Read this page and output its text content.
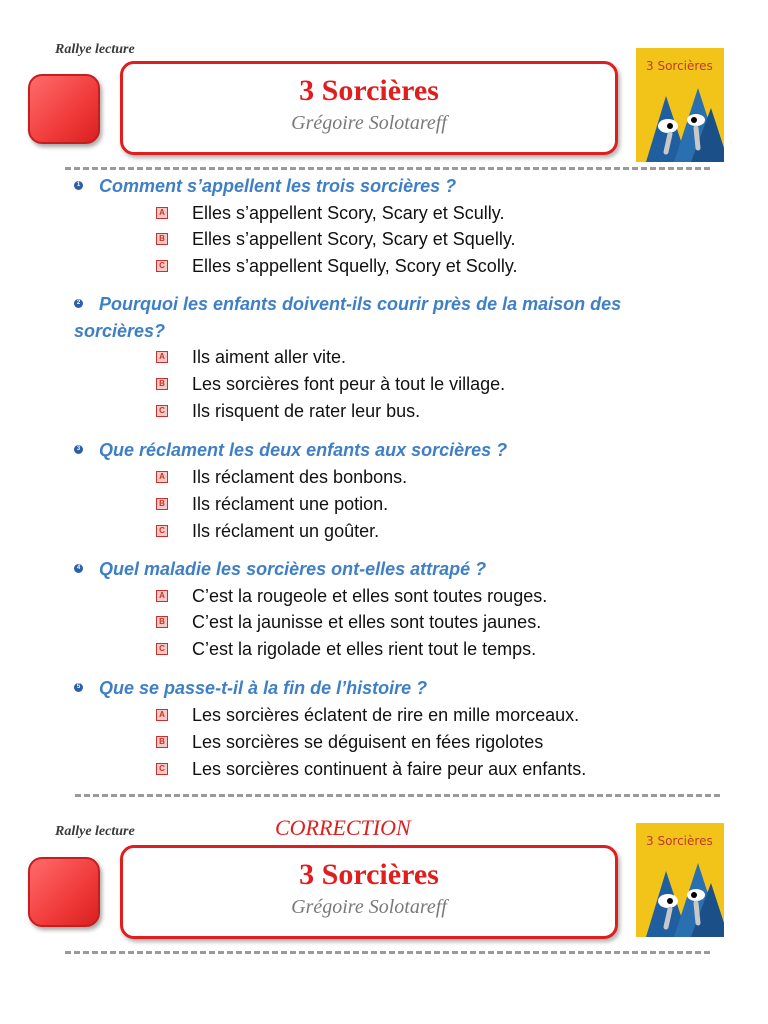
Rallye lecture
3 Sorcières
Grégoire Solotareff
3 Sorcières
1 Comment s’appellent les trois sorcières ?
A Elles s’appellent Scory, Scary et Scully.
B Elles s’appellent Scory, Scary et Squelly.
C Elles s’appellent Squelly, Scory et Scolly.
2 Pourquoi les enfants doivent-ils courir près de la maison des
sorcières?
A Ils aiment aller vite.
B Les sorcières font peur à tout le village.
C Ils risquent de rater leur bus.
3 Que réclament les deux enfants aux sorcières ?
A Ils réclament des bonbons.
B Ils réclament une potion.
C Ils réclament un goûter.
4 Quel maladie les sorcières ont-elles attrapé ?
A C’est la rougeole et elles sont toutes rouges.
B C’est la jaunisse et elles sont toutes jaunes.
C C’est la rigolade et elles rient tout le temps.
5 Que se passe-t-il à la fin de l’histoire ?
A Les sorcières éclatent de rire en mille morceaux.
B Les sorcières se déguisent en fées rigolotes
C Les sorcières continuent à faire peur aux enfants.
Rallye lecture	CORRECTION
3 Sorcières
Grégoire Solotareff
3 Sorcières
